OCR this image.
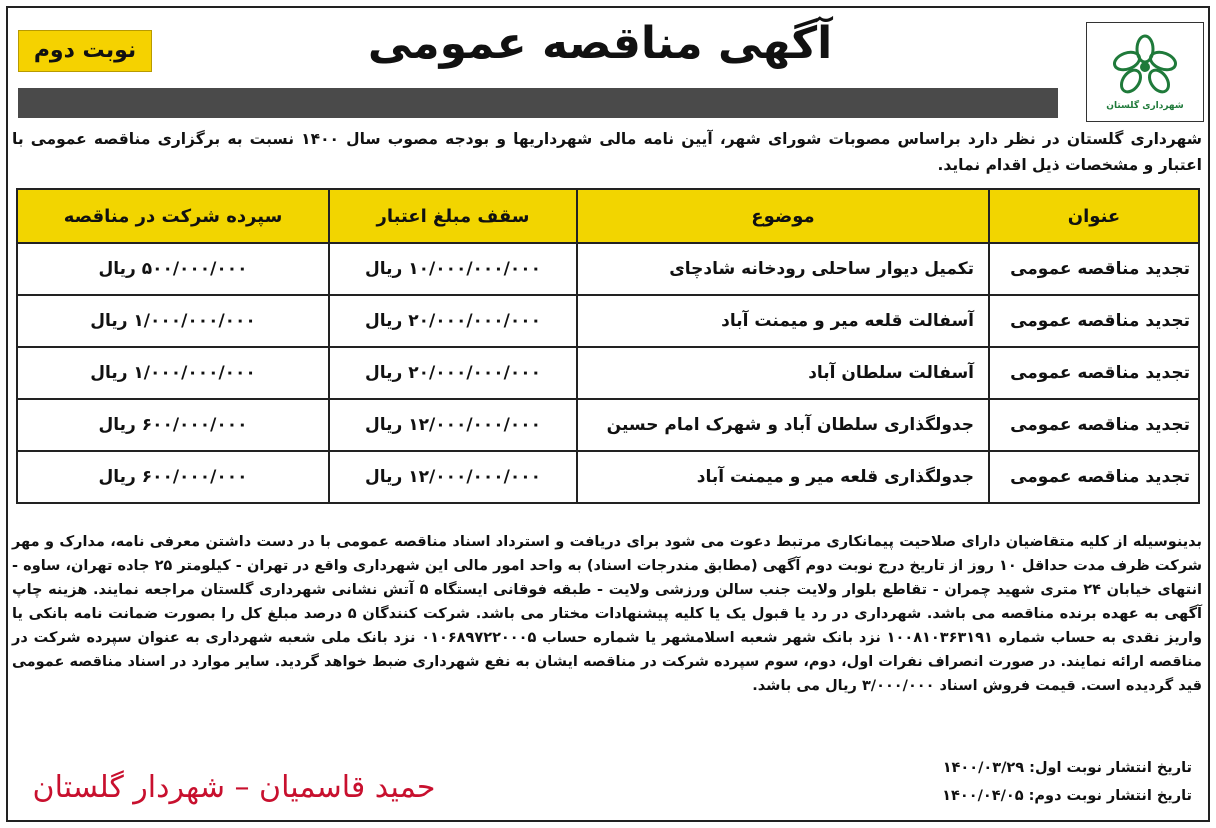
شهرداری گلستان
آگهی مناقصه عمومی
نوبت دوم
شهرداری گلستان در نظر دارد براساس مصوبات شورای شهر، آیین نامه مالی شهرداریها و بودجه مصوب سال ۱۴۰۰ نسبت به برگزاری مناقصه عمومی با اعتبار و مشخصات ذیل اقدام نماید.
عنوان	موضوع	سقف مبلغ اعتبار	سپرده شرکت در مناقصه
تجدید مناقصه عمومی	تکمیل دیوار ساحلی رودخانه شادچای	۱۰/۰۰۰/۰۰۰/۰۰۰ ریال	۵۰۰/۰۰۰/۰۰۰ ریال
تجدید مناقصه عمومی	آسفالت قلعه میر و میمنت آباد	۲۰/۰۰۰/۰۰۰/۰۰۰ ریال	۱/۰۰۰/۰۰۰/۰۰۰ ریال
تجدید مناقصه عمومی	آسفالت سلطان آباد	۲۰/۰۰۰/۰۰۰/۰۰۰ ریال	۱/۰۰۰/۰۰۰/۰۰۰ ریال
تجدید مناقصه عمومی	جدولگذاری سلطان آباد و شهرک امام حسین	۱۲/۰۰۰/۰۰۰/۰۰۰ ریال	۶۰۰/۰۰۰/۰۰۰ ریال
تجدید مناقصه عمومی	جدولگذاری قلعه میر و میمنت آباد	۱۲/۰۰۰/۰۰۰/۰۰۰ ریال	۶۰۰/۰۰۰/۰۰۰ ریال
بدینوسیله از کلیه متقاضیان دارای صلاحیت پیمانکاری مرتبط دعوت می شود برای دریافت و استرداد اسناد مناقصه عمومی با در دست داشتن معرفی نامه، مدارک و مهر شرکت ظرف مدت حداقل ۱۰ روز از تاریخ درج نوبت دوم آگهی (مطابق مندرجات اسناد) به واحد امور مالی این شهرداری واقع در تهران - کیلومتر ۲۵ جاده تهران، ساوه - انتهای خیابان ۲۴ متری شهید چمران - تقاطع بلوار ولایت جنب سالن ورزشی ولایت - طبقه فوقانی ایستگاه ۵ آتش نشانی شهرداری گلستان مراجعه نمایند. هزینه چاپ آگهی به عهده برنده مناقصه می باشد. شهرداری در رد یا قبول یک یا کلیه پیشنهادات مختار می باشد. شرکت کنندگان ۵ درصد مبلغ کل را بصورت ضمانت نامه بانکی یا واریز نقدی به حساب شماره ۱۰۰۸۱۰۳۶۳۱۹۱ نزد بانک شهر شعبه اسلامشهر یا شماره حساب ۰۱۰۶۸۹۷۲۲۰۰۰۵ نزد بانک ملی شعبه شهرداری به عنوان سپرده شرکت در مناقصه ارائه نمایند. در صورت انصراف نفرات اول، دوم، سوم سپرده شرکت در مناقصه ایشان به نفع شهرداری ضبط خواهد گردید. سایر موارد در اسناد مناقصه عمومی قید گردیده است. قیمت فروش اسناد ۳/۰۰۰/۰۰۰ ریال می باشد.
تاریخ انتشار نوبت اول: ۱۴۰۰/۰۳/۲۹
تاریخ انتشار نوبت دوم: ۱۴۰۰/۰۴/۰۵
حمید قاسمیان – شهردار گلستان
